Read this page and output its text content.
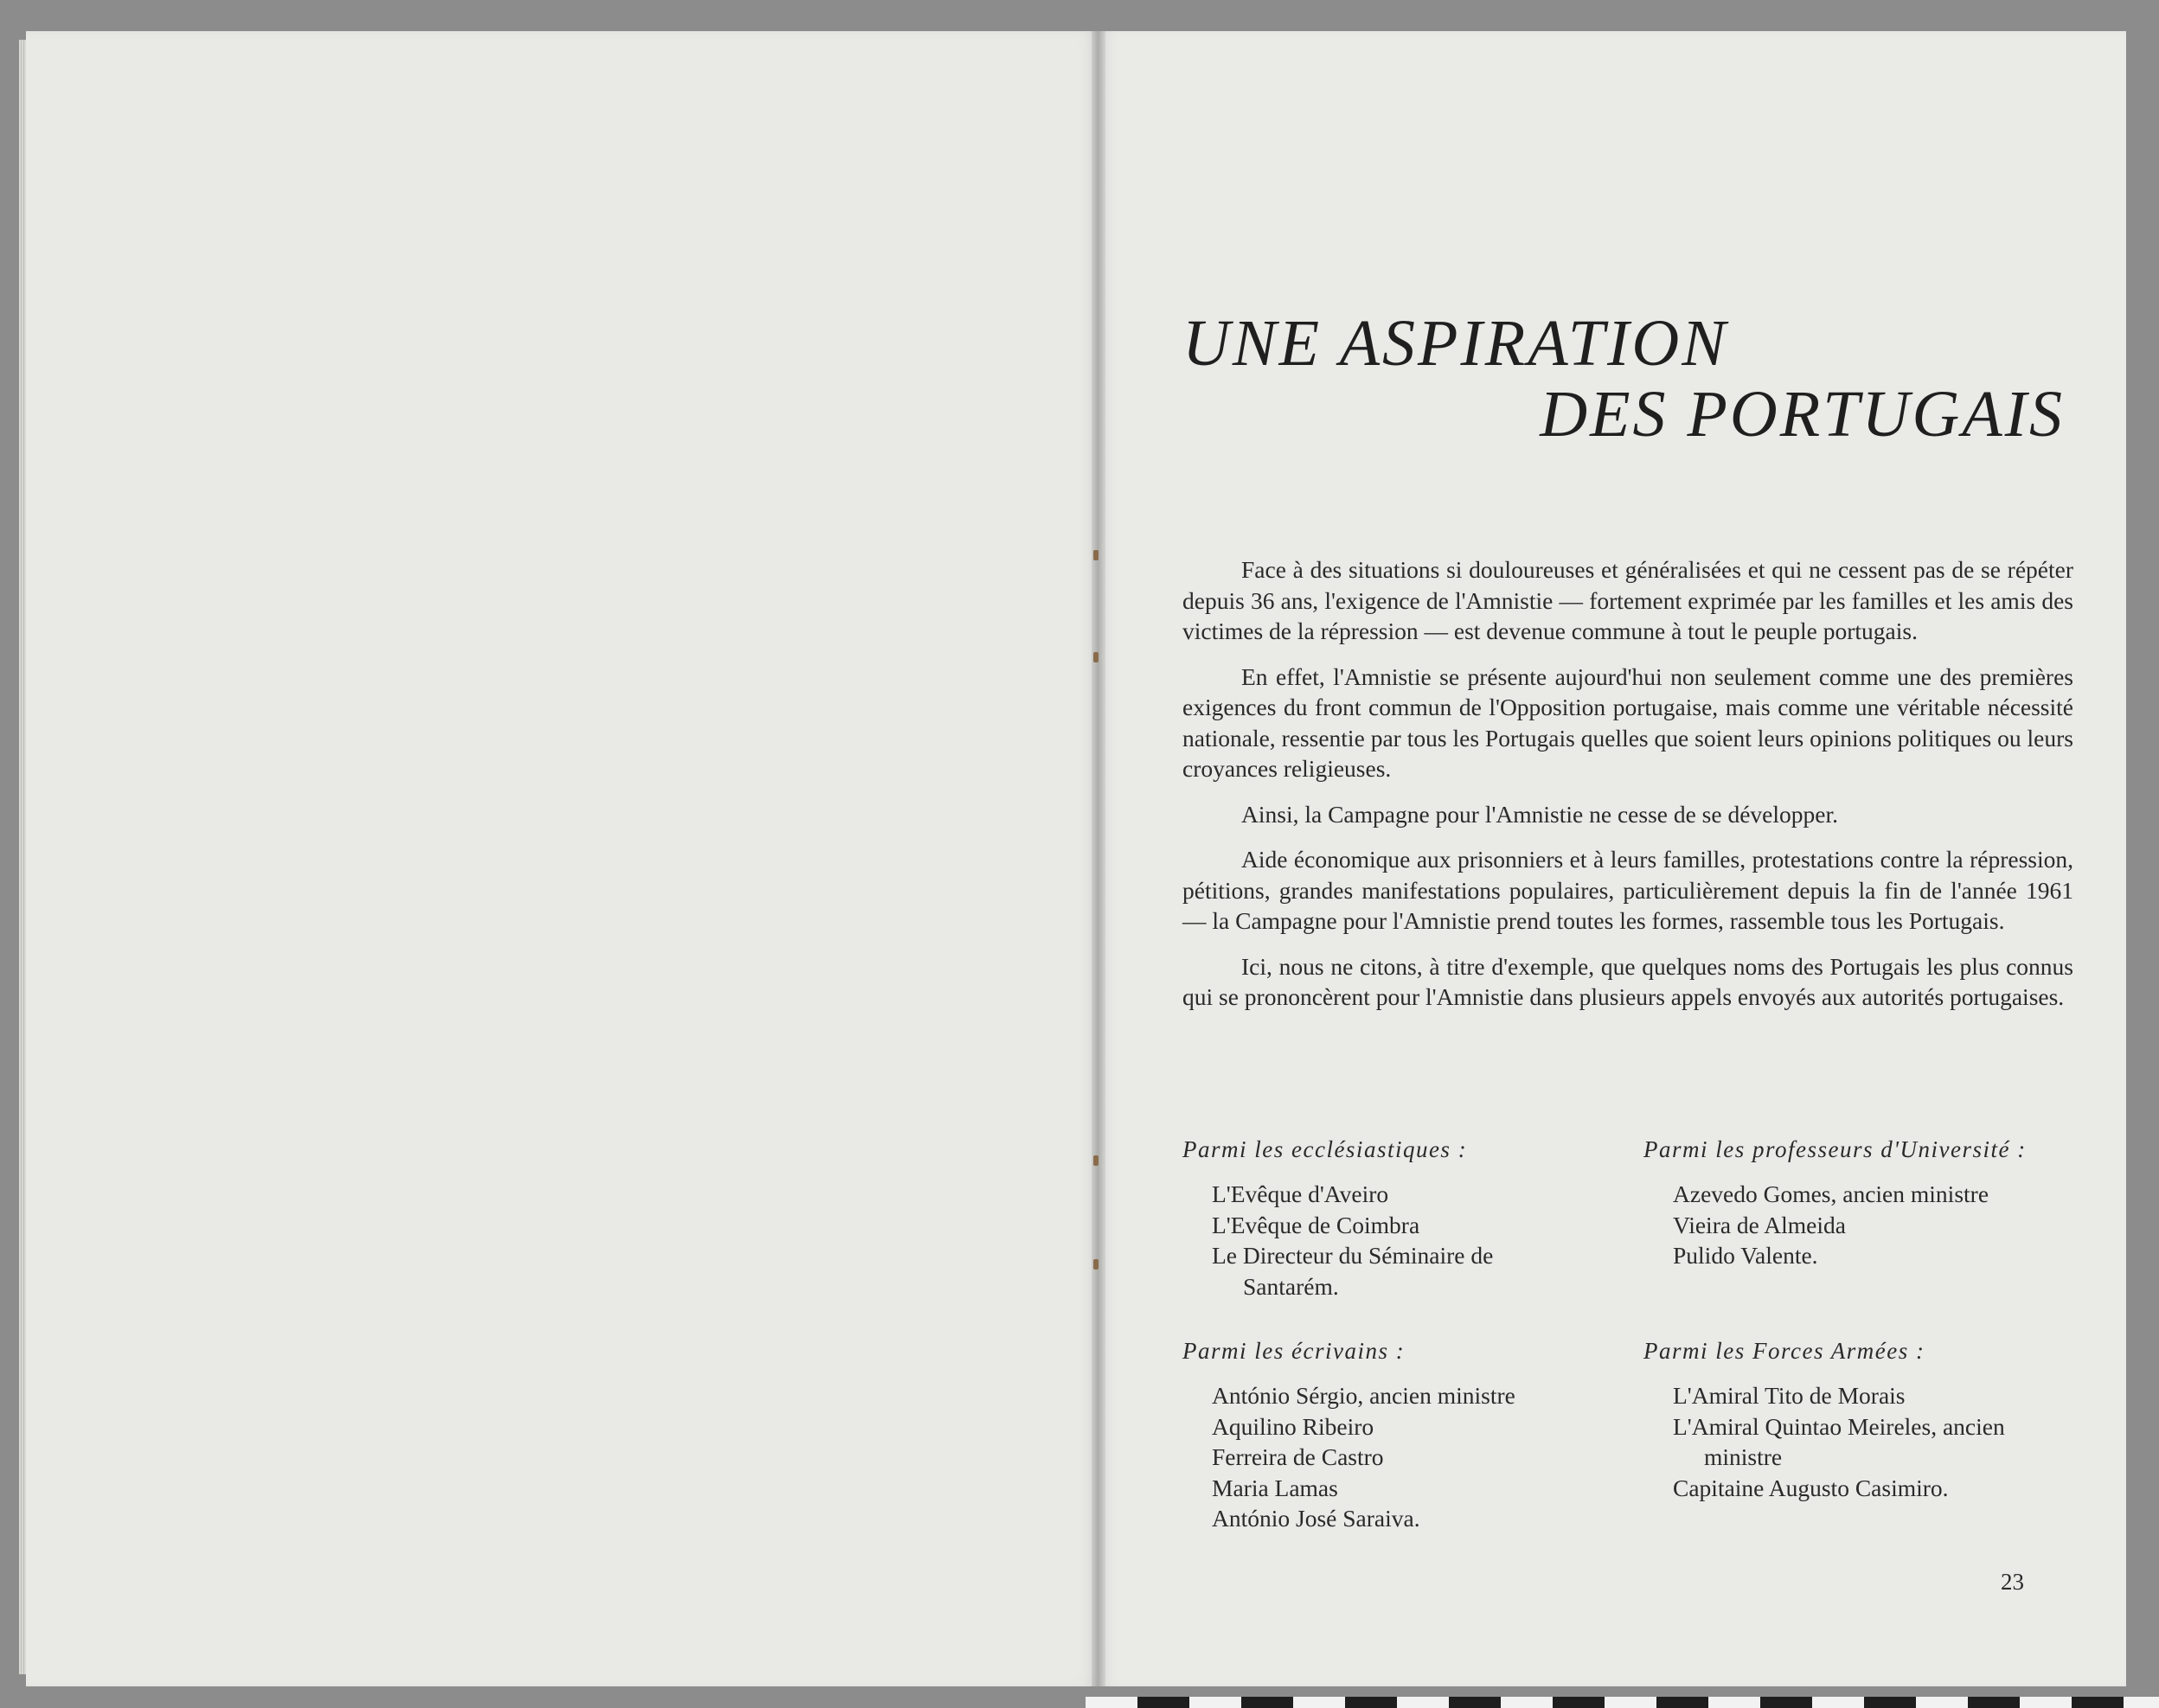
UNE ASPIRATION
DES PORTUGAIS

Face à des situations si douloureuses et généralisées et qui ne cessent pas de se répéter depuis 36 ans, l'exigence de l'Amnistie — fortement exprimée par les familles et les amis des victimes de la répression — est devenue commune à tout le peuple portugais.

En effet, l'Amnistie se présente aujourd'hui non seulement comme une des premières exigences du front commun de l'Opposition portugaise, mais comme une véritable nécessité nationale, ressentie par tous les Portugais quelles que soient leurs opinions politiques ou leurs croyances religieuses.

Ainsi, la Campagne pour l'Amnistie ne cesse de se développer.

Aide économique aux prisonniers et à leurs familles, protestations contre la répression, pétitions, grandes manifestations populaires, particulièrement depuis la fin de l'année 1961 — la Campagne pour l'Amnistie prend toutes les formes, rassemble tous les Portugais.

Ici, nous ne citons, à titre d'exemple, que quelques noms des Portugais les plus connus qui se prononcèrent pour l'Amnistie dans plusieurs appels envoyés aux autorités portugaises.

Parmi les ecclésiastiques :
L'Evêque d'Aveiro
L'Evêque de Coimbra
Le Directeur du Séminaire de
Santarém.
Parmi les professeurs d'Université :
Azevedo Gomes, ancien ministre
Vieira de Almeida
Pulido Valente.
Parmi les écrivains :
António Sérgio, ancien ministre
Aquilino Ribeiro
Ferreira de Castro
Maria Lamas
António José Saraiva.
Parmi les Forces Armées :
L'Amiral Tito de Morais
L'Amiral Quintao Meireles, ancien
ministre
Capitaine Augusto Casimiro.
23
